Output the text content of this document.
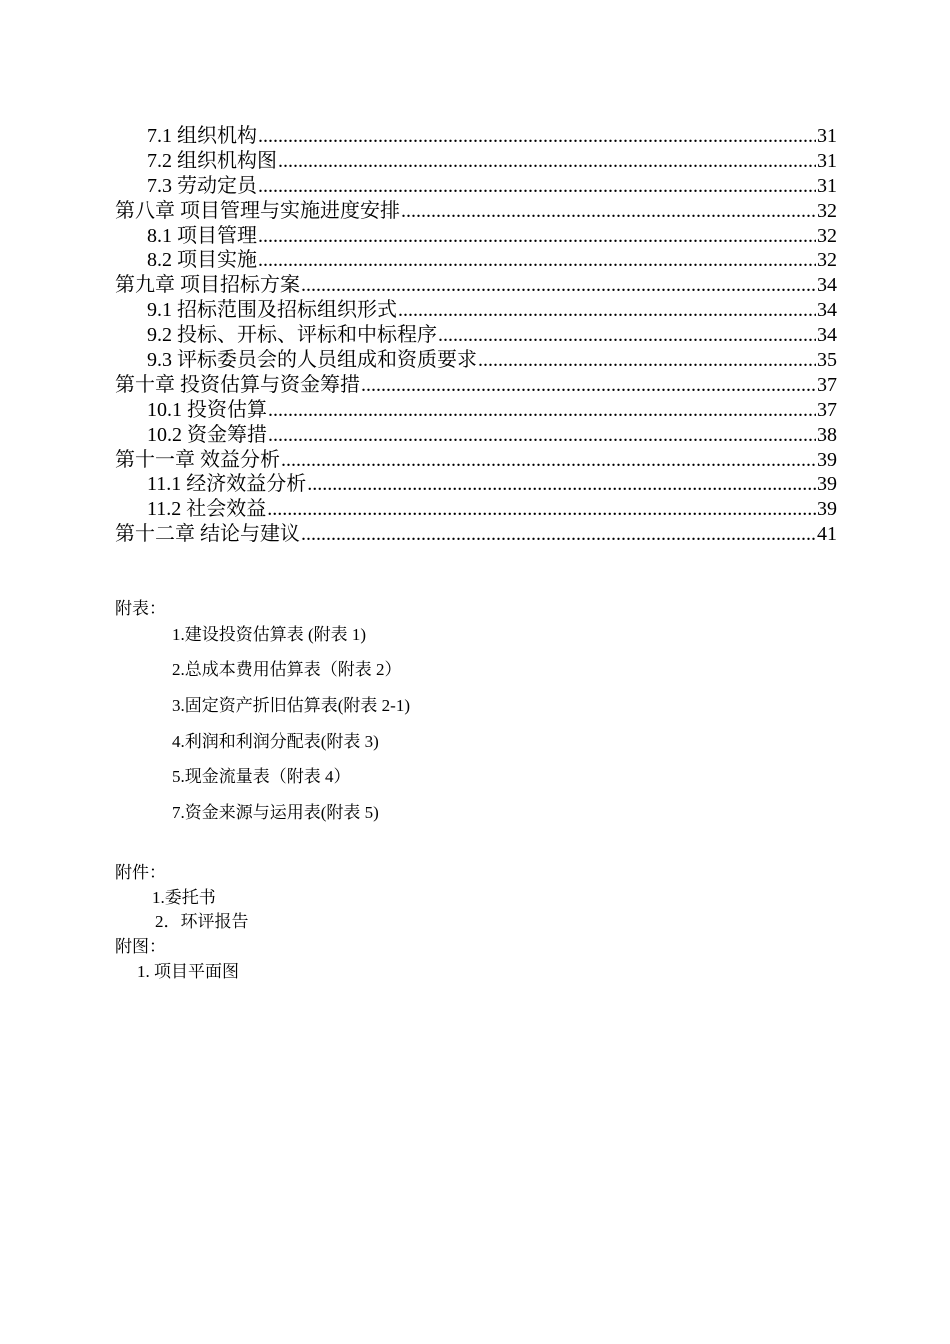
7.1 组织机构 .....	31
7.2 组织机构图 .....	31
7.3 劳动定员 .....	31
第八章 项目管理与实施进度安排 .....	32
8.1 项目管理 .....	32
8.2 项目实施 .....	32
第九章 项目招标方案 .....	34
9.1 招标范围及招标组织形式 .....	34
9.2 投标、开标、评标和中标程序 .....	34
9.3 评标委员会的人员组成和资质要求 .....	35
第十章 投资估算与资金筹措 .....	37
10.1 投资估算 .....	37
10.2 资金筹措 .....	38
第十一章 效益分析 .....	39
11.1 经济效益分析 .....	39
11.2 社会效益 .....	39
第十二章 结论与建议 .....	41
附表：
1.建设投资估算表 (附表 1)
2.总成本费用估算表（附表 2）
3.固定资产折旧估算表(附表 2-1)
4.利润和利润分配表(附表 3)
5.现金流量表（附表 4）
7.资金来源与运用表(附表 5)
附件：
1.委托书
2．环评报告
附图：
1. 项目平面图
